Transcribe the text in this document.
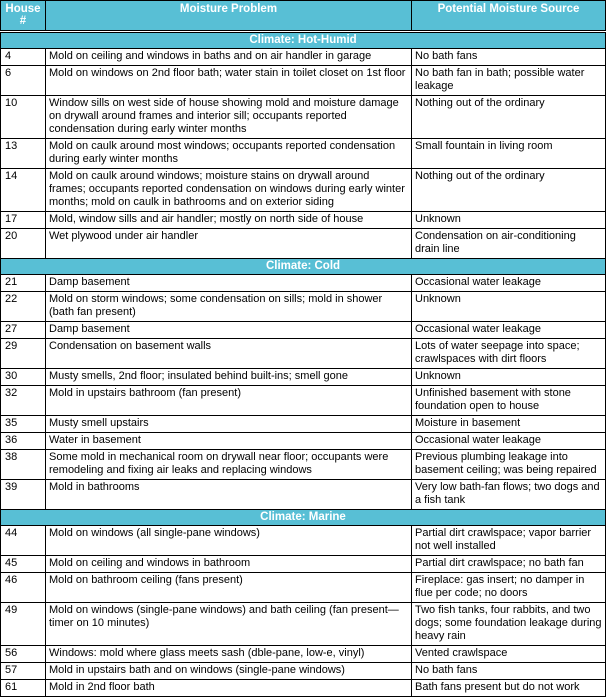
House #	Moisture Problem	Potential Moisture Source
Climate: Hot-Humid		
4	Mold on ceiling and windows in baths and on air handler in garage	No bath fans
6	Mold on windows on 2nd floor bath; water stain in toilet closet on 1st floor	No bath fan in bath; possible water leakage
10	Window sills on west side of house showing mold and moisture damage on drywall around frames and interior sill; occupants reported condensation during early winter months	Nothing out of the ordinary
13	Mold on caulk around most windows; occupants reported condensation during early winter months	Small fountain in living room
14	Mold on caulk around windows; moisture stains on drywall around frames; occupants reported condensation on windows during early winter months; mold on caulk in bathrooms and on exterior siding	Nothing out of the ordinary
17	Mold, window sills and air handler; mostly on north side of house	Unknown
20	Wet plywood under air handler	Condensation on air-conditioning drain line
Climate: Cold		
21	Damp basement	Occasional water leakage
22	Mold on storm windows; some condensation on sills; mold in shower (bath fan present)	Unknown
27	Damp basement	Occasional water leakage
29	Condensation on basement walls	Lots of water seepage into space; crawlspaces with dirt floors
30	Musty smells, 2nd floor; insulated behind built-ins; smell gone	Unknown
32	Mold in upstairs bathroom (fan present)	Unfinished basement with stone foundation open to house
35	Musty smell upstairs	Moisture in basement
36	Water in basement	Occasional water leakage
38	Some mold in mechanical room on drywall near floor; occupants were remodeling and fixing air leaks and replacing windows	Previous plumbing leakage into basement ceiling; was being repaired
39	Mold in bathrooms	Very low bath-fan flows; two dogs and a fish tank
Climate: Marine		
44	Mold on windows (all single-pane windows)	Partial dirt crawlspace; vapor barrier not well installed
45	Mold on ceiling and windows in bathroom	Partial dirt crawlspace; no bath fan
46	Mold on bathroom ceiling (fans present)	Fireplace: gas insert; no damper in flue per code; no doors
49	Mold on windows (single-pane windows) and bath ceiling (fan present—timer on 10 minutes)	Two fish tanks, four rabbits, and two dogs; some foundation leakage during heavy rain
56	Windows: mold where glass meets sash (dble-pane, low-e, vinyl)	Vented crawlspace
57	Mold in upstairs bath and on windows (single-pane windows)	No bath fans
61	Mold in 2nd floor bath	Bath fans present but do not work
